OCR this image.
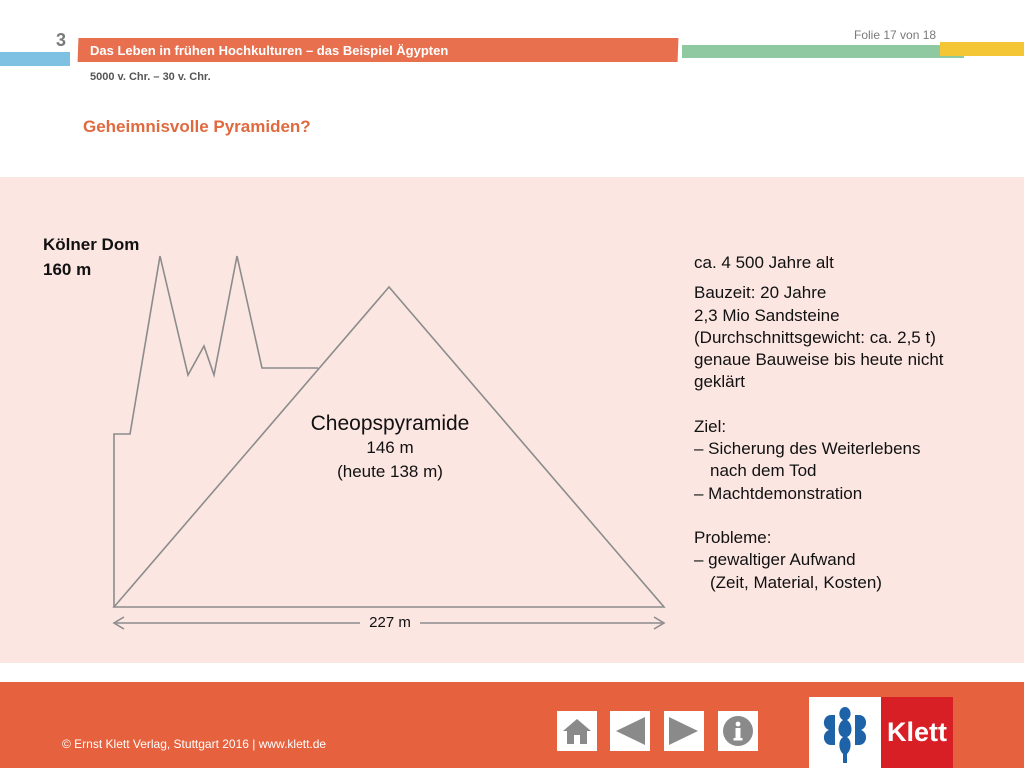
3
Das Leben in frühen Hochkulturen – das Beispiel Ägypten
Folie 17 von 18
5000 v. Chr. – 30 v. Chr.
Geheimnisvolle Pyramiden?
Kölner Dom
160 m
Cheopspyramide
146 m
(heute 138 m)
227 m

ca. 4 500 Jahre alt

Bauzeit: 20 Jahre

2,3 Mio Sandsteine

(Durchschnittsgewicht: ca. 2,5 t)

genaue Bauweise bis heute nicht

geklärt

Ziel:

– Sicherung des Weiterlebens

nach dem Tod

– Machtdemonstration

Probleme:

– gewaltiger Aufwand

(Zeit, Material, Kosten)

© Ernst Klett Verlag, Stuttgart 2016 | www.klett.de	Klett
